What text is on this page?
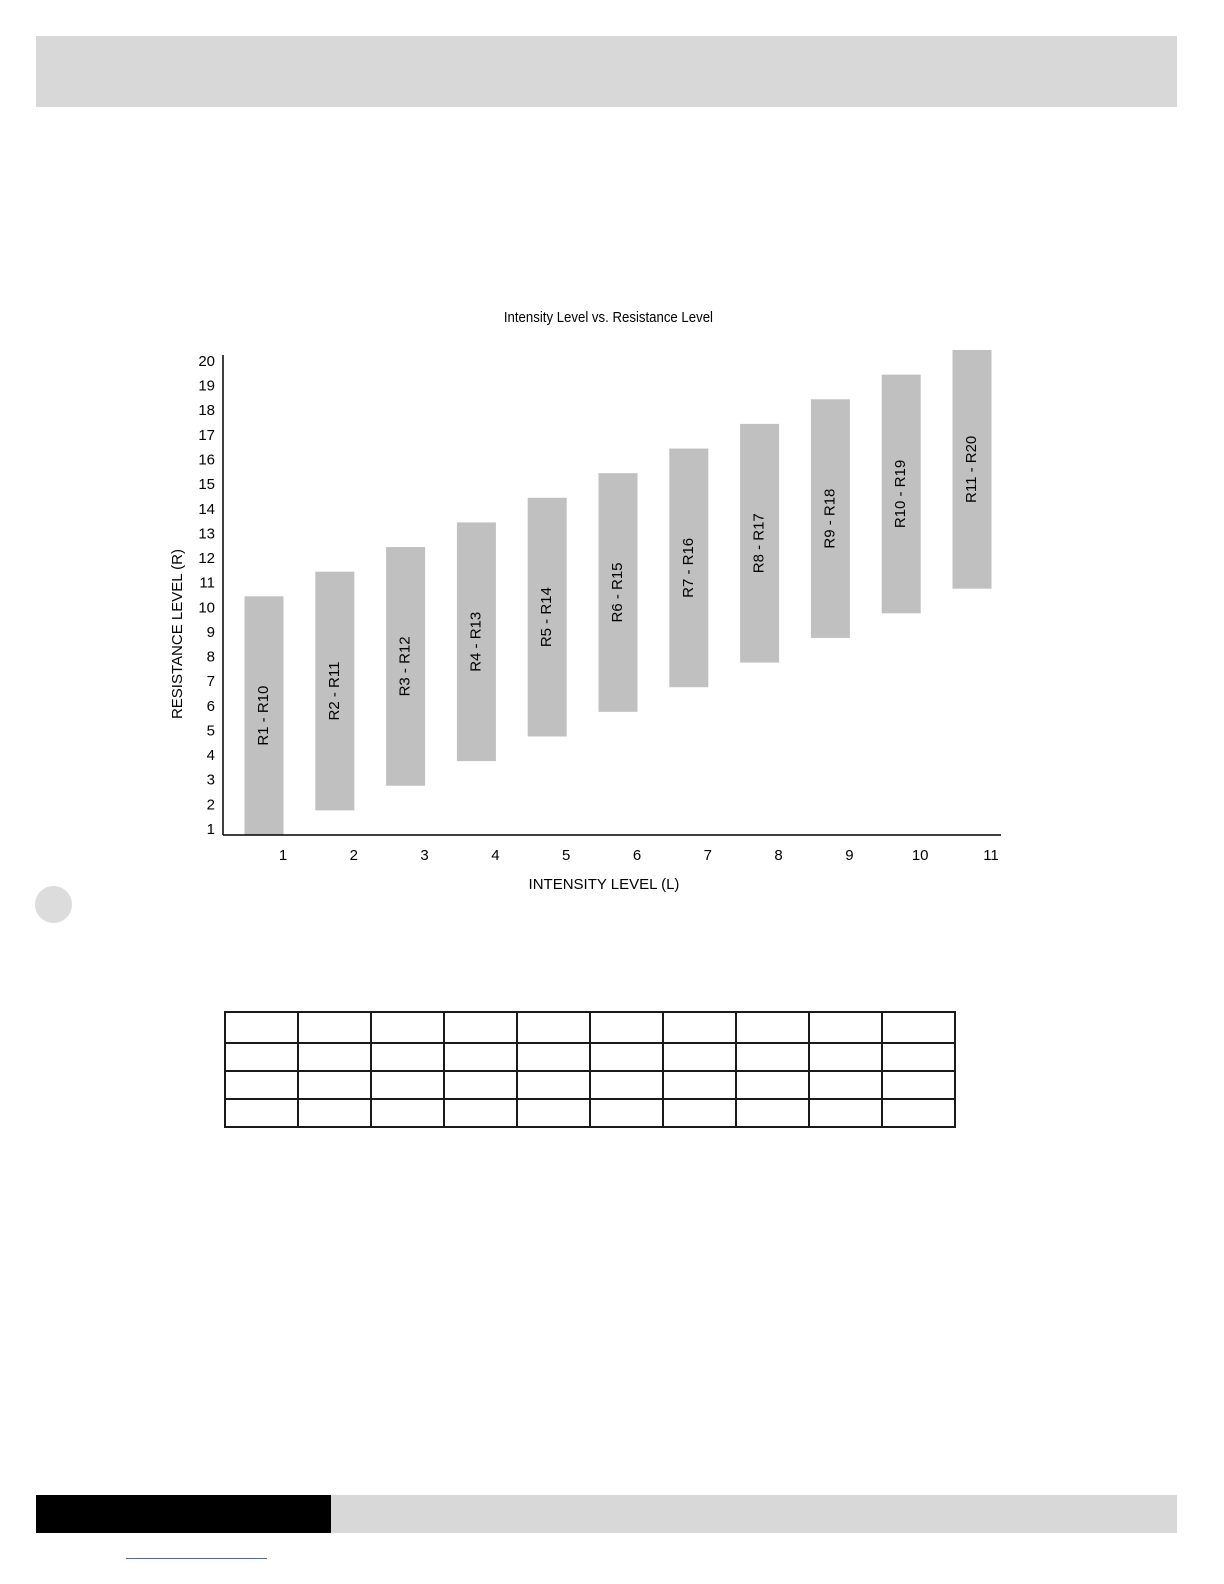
Intensity Level vs. Resistance Level
R1 - R10	R2 - R11	R3 - R12	R4 - R13	R5 - R14	R6 - R15	R7 - R16	R8 - R17	R9 - R18	R10 - R19	R11 - R20
1
2
3
4
5
6
7
8
9
10
11
12
13
14
15
16
17
18
19
20
1	2	3	4	5	6	7	8	9	10	11
INTENSITY LEVEL (L)
RESISTANCE LEVEL (R)
